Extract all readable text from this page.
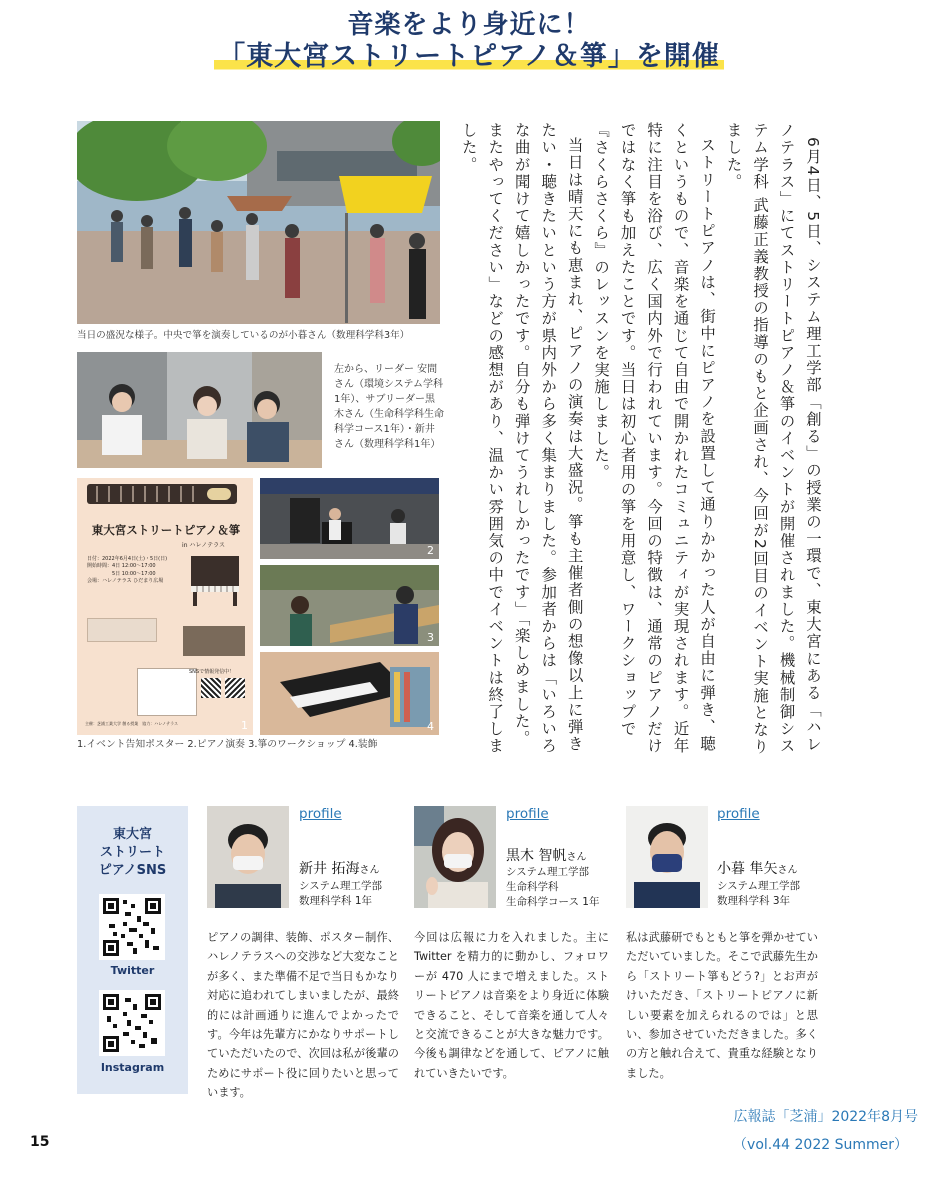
音楽をより身近に！
「東大宮ストリートピアノ＆箏」を開催
当日の盛況な様子。中央で箏を演奏しているのが小暮さん（数理科学科3年）
左から、リーダー 安間さん（環境システム学科1年）、サブリーダー黒木さん（生命科学科生命科学コース1年）・新井さん（数理科学科1年）
東大宮ストリートピアノ＆箏
in ハレノテラス
日付：2022年6月4日(土)・5日(日)
開始時間：4日 12:00〜17:00
　　　　　5日 10:00〜17:00
会場：ハレノテラス ひだまり広場
SNSで情報発信中！
主催：芝浦工業大学 創る授業　協力：ハレノテラス	1
2
3
4
1.イベント告知ポスター 2.ピアノ演奏 3.箏のワークショップ 4.装飾	6月4日、5日、システム理工学部「創る」の授業の一環で、東大宮にある「ハレノテラス」にてストリートピアノ＆箏のイベントが開催されました。機械制御システム学科 武藤正義教授の指導のもと企画され、今回が2回目のイベント実施となりました。

ストリートピアノは、街中にピアノを設置して通りかかった人が自由に弾き、聴くというもので、音楽を通じて自由で開かれたコミュニティが実現されます。近年特に注目を浴び、広く国内外で行われています。今回の特徴は、通常のピアノだけではなく箏も加えたことです。当日は初心者用の箏を用意し、ワークショップで『さくらさくら』のレッスンを実施しました。

当日は晴天にも恵まれ、ピアノの演奏は大盛況。箏も主催者側の想像以上に弾きたい・聴きたいという方が県内外から多く集まりました。参加者からは「いろいろな曲が聞けて嬉しかったです。自分も弾けてうれしかったです」「楽しめました。またやってください」などの感想があり、温かい雰囲気の中でイベントは終了しました。

東大宮
ストリート
ピアノSNS
Twitter
Instagram
profile
新井 拓海さん
システム理工学部
数理科学科 1年
ピアノの調律、装飾、ポスター制作、ハレノテラスへの交渉など大変なことが多く、また準備不足で当日もかなり対応に追われてしまいましたが、最終的には計画通りに進んでよかったです。今年は先輩方にかなりサポートしていただいたので、次回は私が後輩のためにサポート役に回りたいと思っています。
profile
黒木 智帆さん
システム理工学部
生命科学科
生命科学コース 1年
今回は広報に力を入れました。主にTwitter を精力的に動かし、フォロワーが 470 人にまで増えました。ストリートピアノは音楽をより身近に体験できること、そして音楽を通して人々と交流できることが大きな魅力です。今後も調律などを通して、ピアノに触れていきたいです。
profile
小暮 隼矢さん
システム理工学部
数理科学科 3年
私は武藤研でもともと箏を弾かせていただいていました。そこで武藤先生から「ストリート箏もどう?」とお声がけいただき、「ストリートピアノに新しい要素を加えられるのでは」と思い、参加させていただきました。多くの方と触れ合えて、貴重な経験となりました。
広報誌「芝浦」2022年8月号
（vol.44 2022 Summer）
15
